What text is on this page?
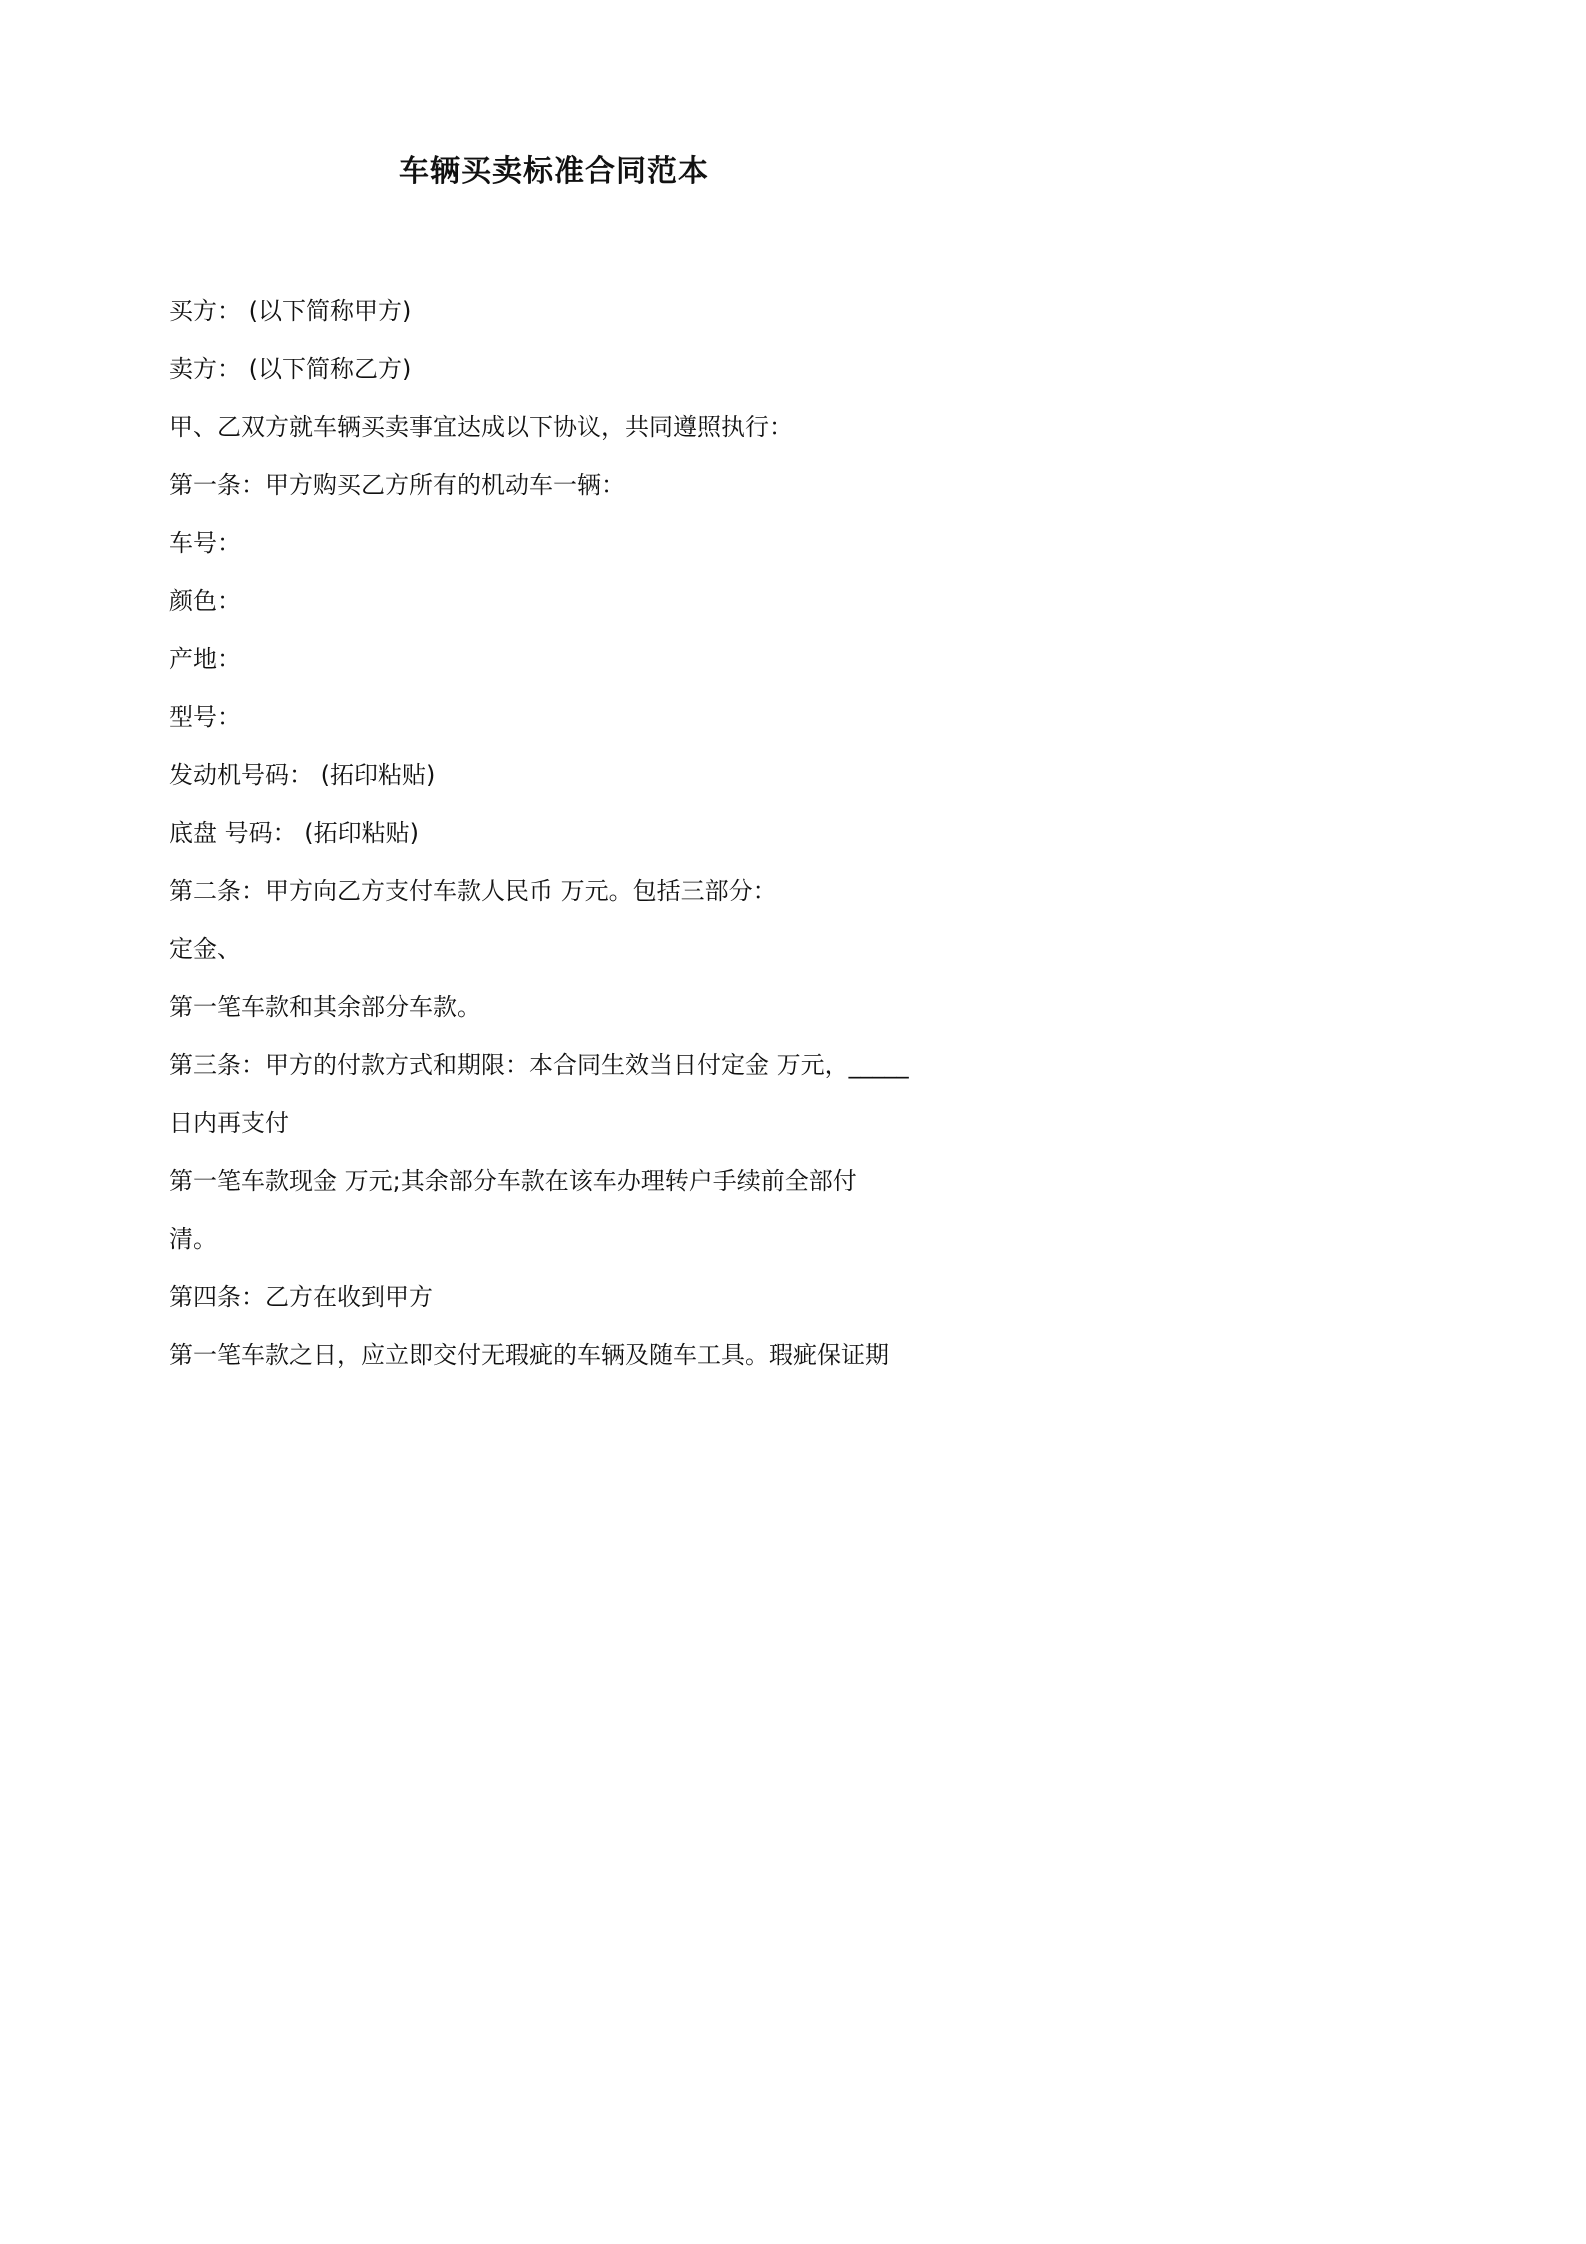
车辆买卖标准合同范本
买方： (以下简称甲方)
卖方： (以下简称乙方)
甲、乙双方就车辆买卖事宜达成以下协议，共同遵照执行：
第一条：甲方购买乙方所有的机动车一辆：
车号：
颜色：
产地：
型号：
发动机号码： (拓印粘贴)
底盘 号码： (拓印粘贴)
第二条：甲方向乙方支付车款人民币 万元。包括三部分：
定金、
第一笔车款和其余部分车款。
第三条：甲方的付款方式和期限：本合同生效当日付定金 万元，_____
日内再支付
第一笔车款现金 万元;其余部分车款在该车办理转户手续前全部付
清。
第四条：乙方在收到甲方
第一笔车款之日，应立即交付无瑕疵的车辆及随车工具。瑕疵保证期
